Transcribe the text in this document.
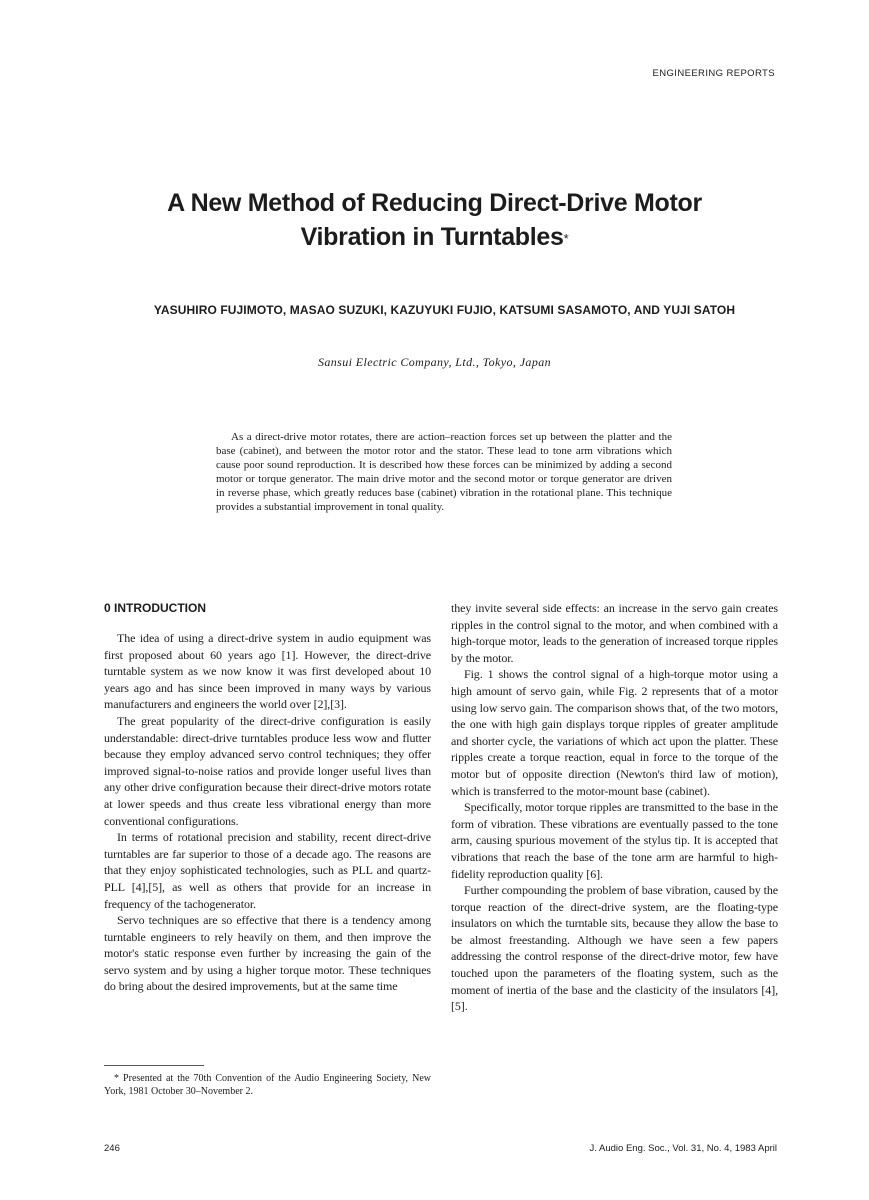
ENGINEERING REPORTS
A New Method of Reducing Direct-Drive Motor
Vibration in Turntables*
YASUHIRO FUJIMOTO, MASAO SUZUKI, KAZUYUKI FUJIO, KATSUMI SASAMOTO, AND YUJI SATOH
Sansui Electric Company, Ltd., Tokyo, Japan

As a direct-drive motor rotates, there are action–reaction forces set up between the platter and the base (cabinet), and between the motor rotor and the stator. These lead to tone arm vibrations which cause poor sound reproduction. It is described how these forces can be minimized by adding a second motor or torque generator. The main drive motor and the second motor or torque generator are driven in reverse phase, which greatly reduces base (cabinet) vibration in the rotational plane. This technique provides a substantial improvement in tonal quality.

0 INTRODUCTION

The idea of using a direct-drive system in audio equipment was first proposed about 60 years ago [1]. However, the direct-drive turntable system as we now know it was first developed about 10 years ago and has since been improved in many ways by various manufacturers and engineers the world over [2],[3].

The great popularity of the direct-drive configuration is easily understandable: direct-drive turntables produce less wow and flutter because they employ advanced servo control techniques; they offer improved signal-to-noise ratios and provide longer useful lives than any other drive configuration because their direct-drive motors rotate at lower speeds and thus create less vibrational energy than more conventional configurations.

In terms of rotational precision and stability, recent direct-drive turntables are far superior to those of a decade ago. The reasons are that they enjoy sophisticated technologies, such as PLL and quartz-PLL [4],[5], as well as others that provide for an increase in frequency of the tachogenerator.

Servo techniques are so effective that there is a tendency among turntable engineers to rely heavily on them, and then improve the motor's static response even further by increasing the gain of the servo system and by using a higher torque motor. These techniques do bring about the desired improvements, but at the same time

they invite several side effects: an increase in the servo gain creates ripples in the control signal to the motor, and when combined with a high-torque motor, leads to the generation of increased torque ripples by the motor.

Fig. 1 shows the control signal of a high-torque motor using a high amount of servo gain, while Fig. 2 represents that of a motor using low servo gain. The comparison shows that, of the two motors, the one with high gain displays torque ripples of greater amplitude and shorter cycle, the variations of which act upon the platter. These ripples create a torque reaction, equal in force to the torque of the motor but of opposite direction (Newton's third law of motion), which is transferred to the motor-mount base (cabinet).

Specifically, motor torque ripples are transmitted to the base in the form of vibration. These vibrations are eventually passed to the tone arm, causing spurious movement of the stylus tip. It is accepted that vibrations that reach the base of the tone arm are harmful to high-fidelity reproduction quality [6].

Further compounding the problem of base vibration, caused by the torque reaction of the direct-drive system, are the floating-type insulators on which the turntable sits, because they allow the base to be almost freestanding. Although we have seen a few papers addressing the control response of the direct-drive motor, few have touched upon the parameters of the floating system, such as the moment of inertia of the base and the clasticity of the insulators [4],[5].

* Presented at the 70th Convention of the Audio Engineering Society, New York, 1981 October 30–November 2.

246	J. Audio Eng. Soc., Vol. 31, No. 4, 1983 April
